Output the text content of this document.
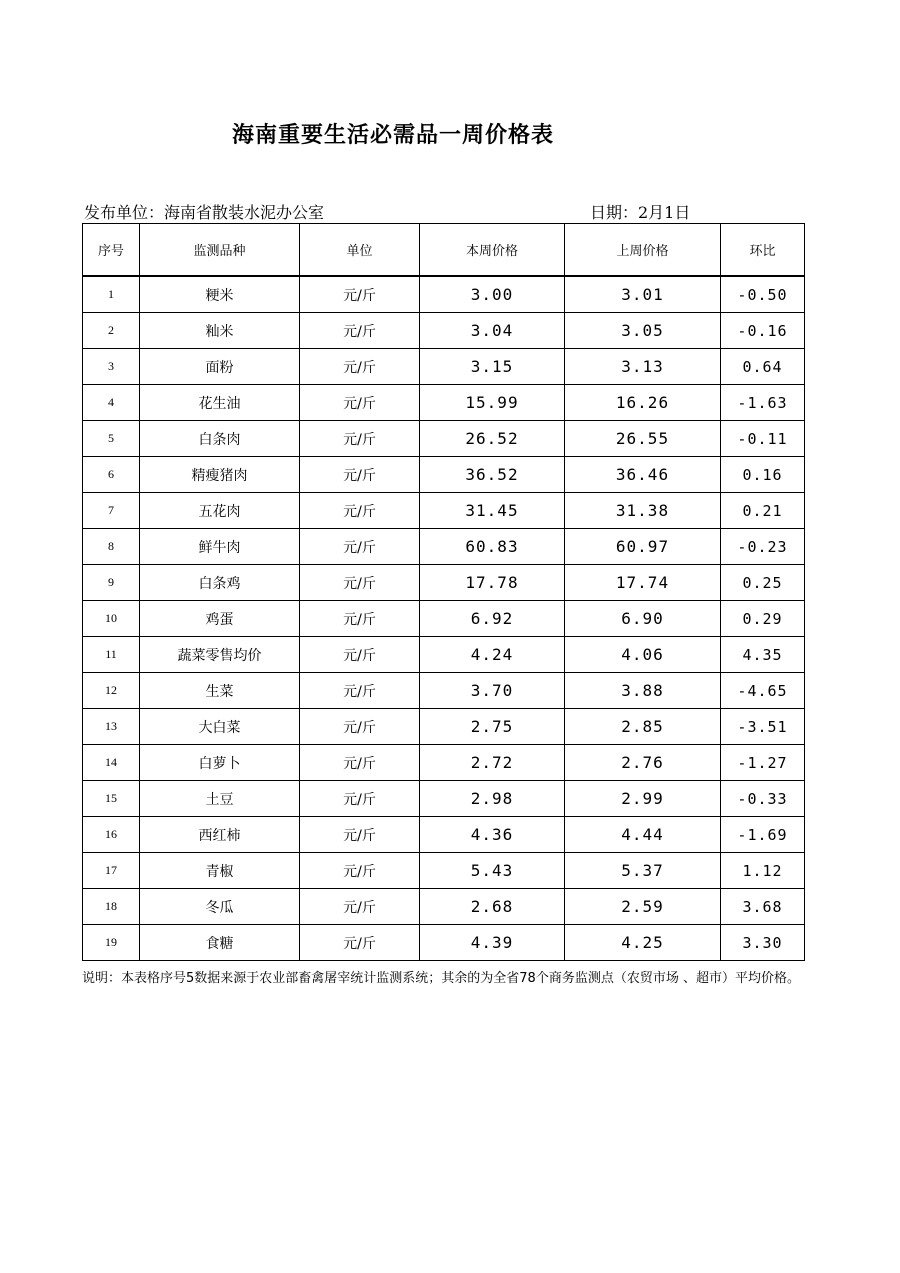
海南重要生活必需品一周价格表
发布单位：海南省散装水泥办公室	日期：2月1日
序号	监测品种	单位	本周价格	上周价格	环比
1	粳米	元/斤	3.00	3.01	-0.50
2	籼米	元/斤	3.04	3.05	-0.16
3	面粉	元/斤	3.15	3.13	0.64
4	花生油	元/斤	15.99	16.26	-1.63
5	白条肉	元/斤	26.52	26.55	-0.11
6	精瘦猪肉	元/斤	36.52	36.46	0.16
7	五花肉	元/斤	31.45	31.38	0.21
8	鲜牛肉	元/斤	60.83	60.97	-0.23
9	白条鸡	元/斤	17.78	17.74	0.25
10	鸡蛋	元/斤	6.92	6.90	0.29
11	蔬菜零售均价	元/斤	4.24	4.06	4.35
12	生菜	元/斤	3.70	3.88	-4.65
13	大白菜	元/斤	2.75	2.85	-3.51
14	白萝卜	元/斤	2.72	2.76	-1.27
15	土豆	元/斤	2.98	2.99	-0.33
16	西红柿	元/斤	4.36	4.44	-1.69
17	青椒	元/斤	5.43	5.37	1.12
18	冬瓜	元/斤	2.68	2.59	3.68
19	食糖	元/斤	4.39	4.25	3.30
说明：本表格序号5数据来源于农业部畜禽屠宰统计监测系统；其余的为全省78个商务监测点（农贸市场 、超市）平均价格。
